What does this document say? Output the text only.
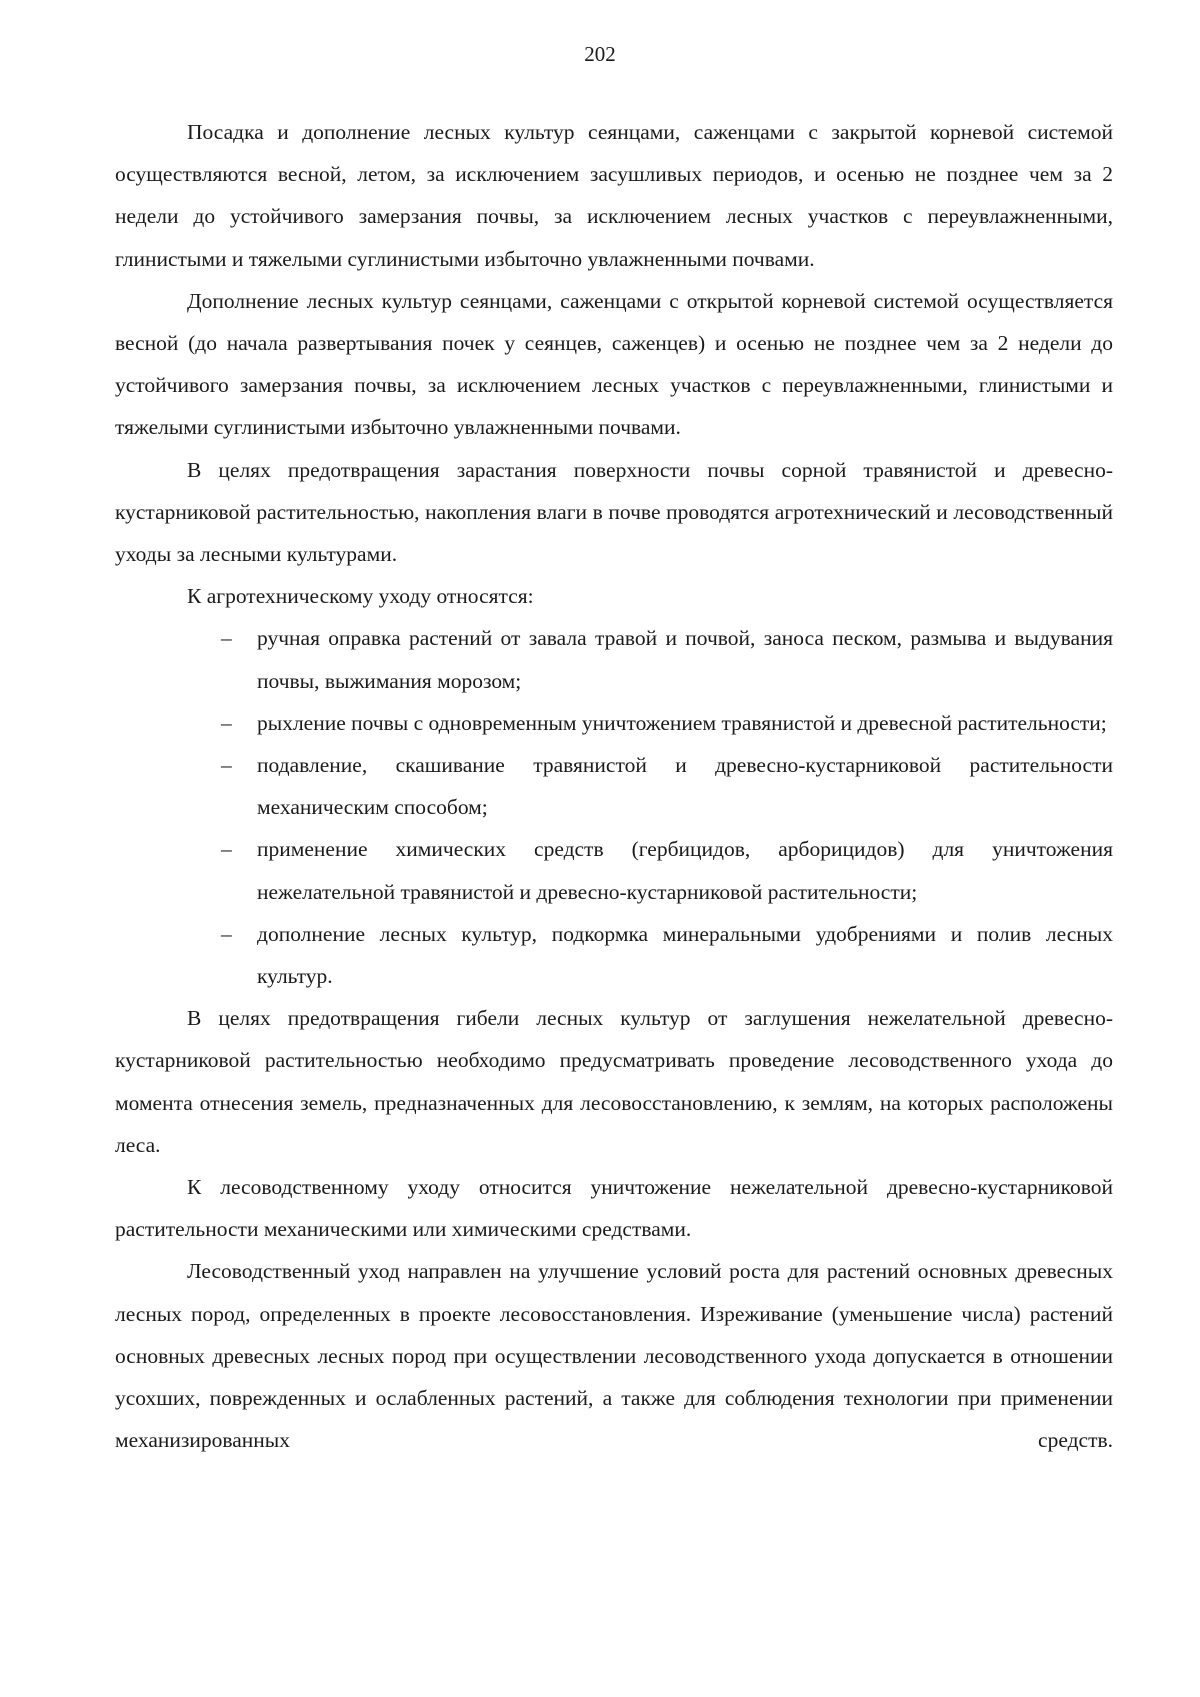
202

Посадка и дополнение лесных культур сеянцами, саженцами с закрытой корневой системой осуществляются весной, летом, за исключением засушливых периодов, и осенью не позднее чем за 2 недели до устойчивого замерзания почвы, за исключением лесных участков с переувлажненными, глинистыми и тяжелыми суглинистыми избыточно увлажненными почвами.

Дополнение лесных культур сеянцами, саженцами с открытой корневой системой осуществляется весной (до начала развертывания почек у сеянцев, саженцев) и осенью не позднее чем за 2 недели до устойчивого замерзания почвы, за исключением лесных участков с переувлажненными, глинистыми и тяжелыми суглинистыми избыточно увлажненными почвами.

В целях предотвращения зарастания поверхности почвы сорной травянистой и древесно-кустарниковой растительностью, накопления влаги в почве проводятся агротехнический и лесоводственный уходы за лесными культурами.

К агротехническому уходу относятся:

– ручная оправка растений от завала травой и почвой, заноса песком, размыва и выдувания почвы, выжимания морозом;
– рыхление почвы с одновременным уничтожением травянистой и древесной растительности;
– подавление, скашивание травянистой и древесно-кустарниковой растительности механическим способом;
– применение химических средств (гербицидов, арборицидов) для уничтожения нежелательной травянистой и древесно-кустарниковой растительности;
– дополнение лесных культур, подкормка минеральными удобрениями и полив лесных культур.

В целях предотвращения гибели лесных культур от заглушения нежелательной древесно-кустарниковой растительностью необходимо предусматривать проведение лесоводственного ухода до момента отнесения земель, предназначенных для лесовосстановлению, к землям, на которых расположены леса.

К лесоводственному уходу относится уничтожение нежелательной древесно-кустарниковой растительности механическими или химическими средствами.

Лесоводственный уход направлен на улучшение условий роста для растений основных древесных лесных пород, определенных в проекте лесовосстановления. Изреживание (уменьшение числа) растений основных древесных лесных пород при осуществлении лесоводственного ухода допускается в отношении усохших, поврежденных и ослабленных растений, а также для соблюдения технологии при применении механизированных средств.
